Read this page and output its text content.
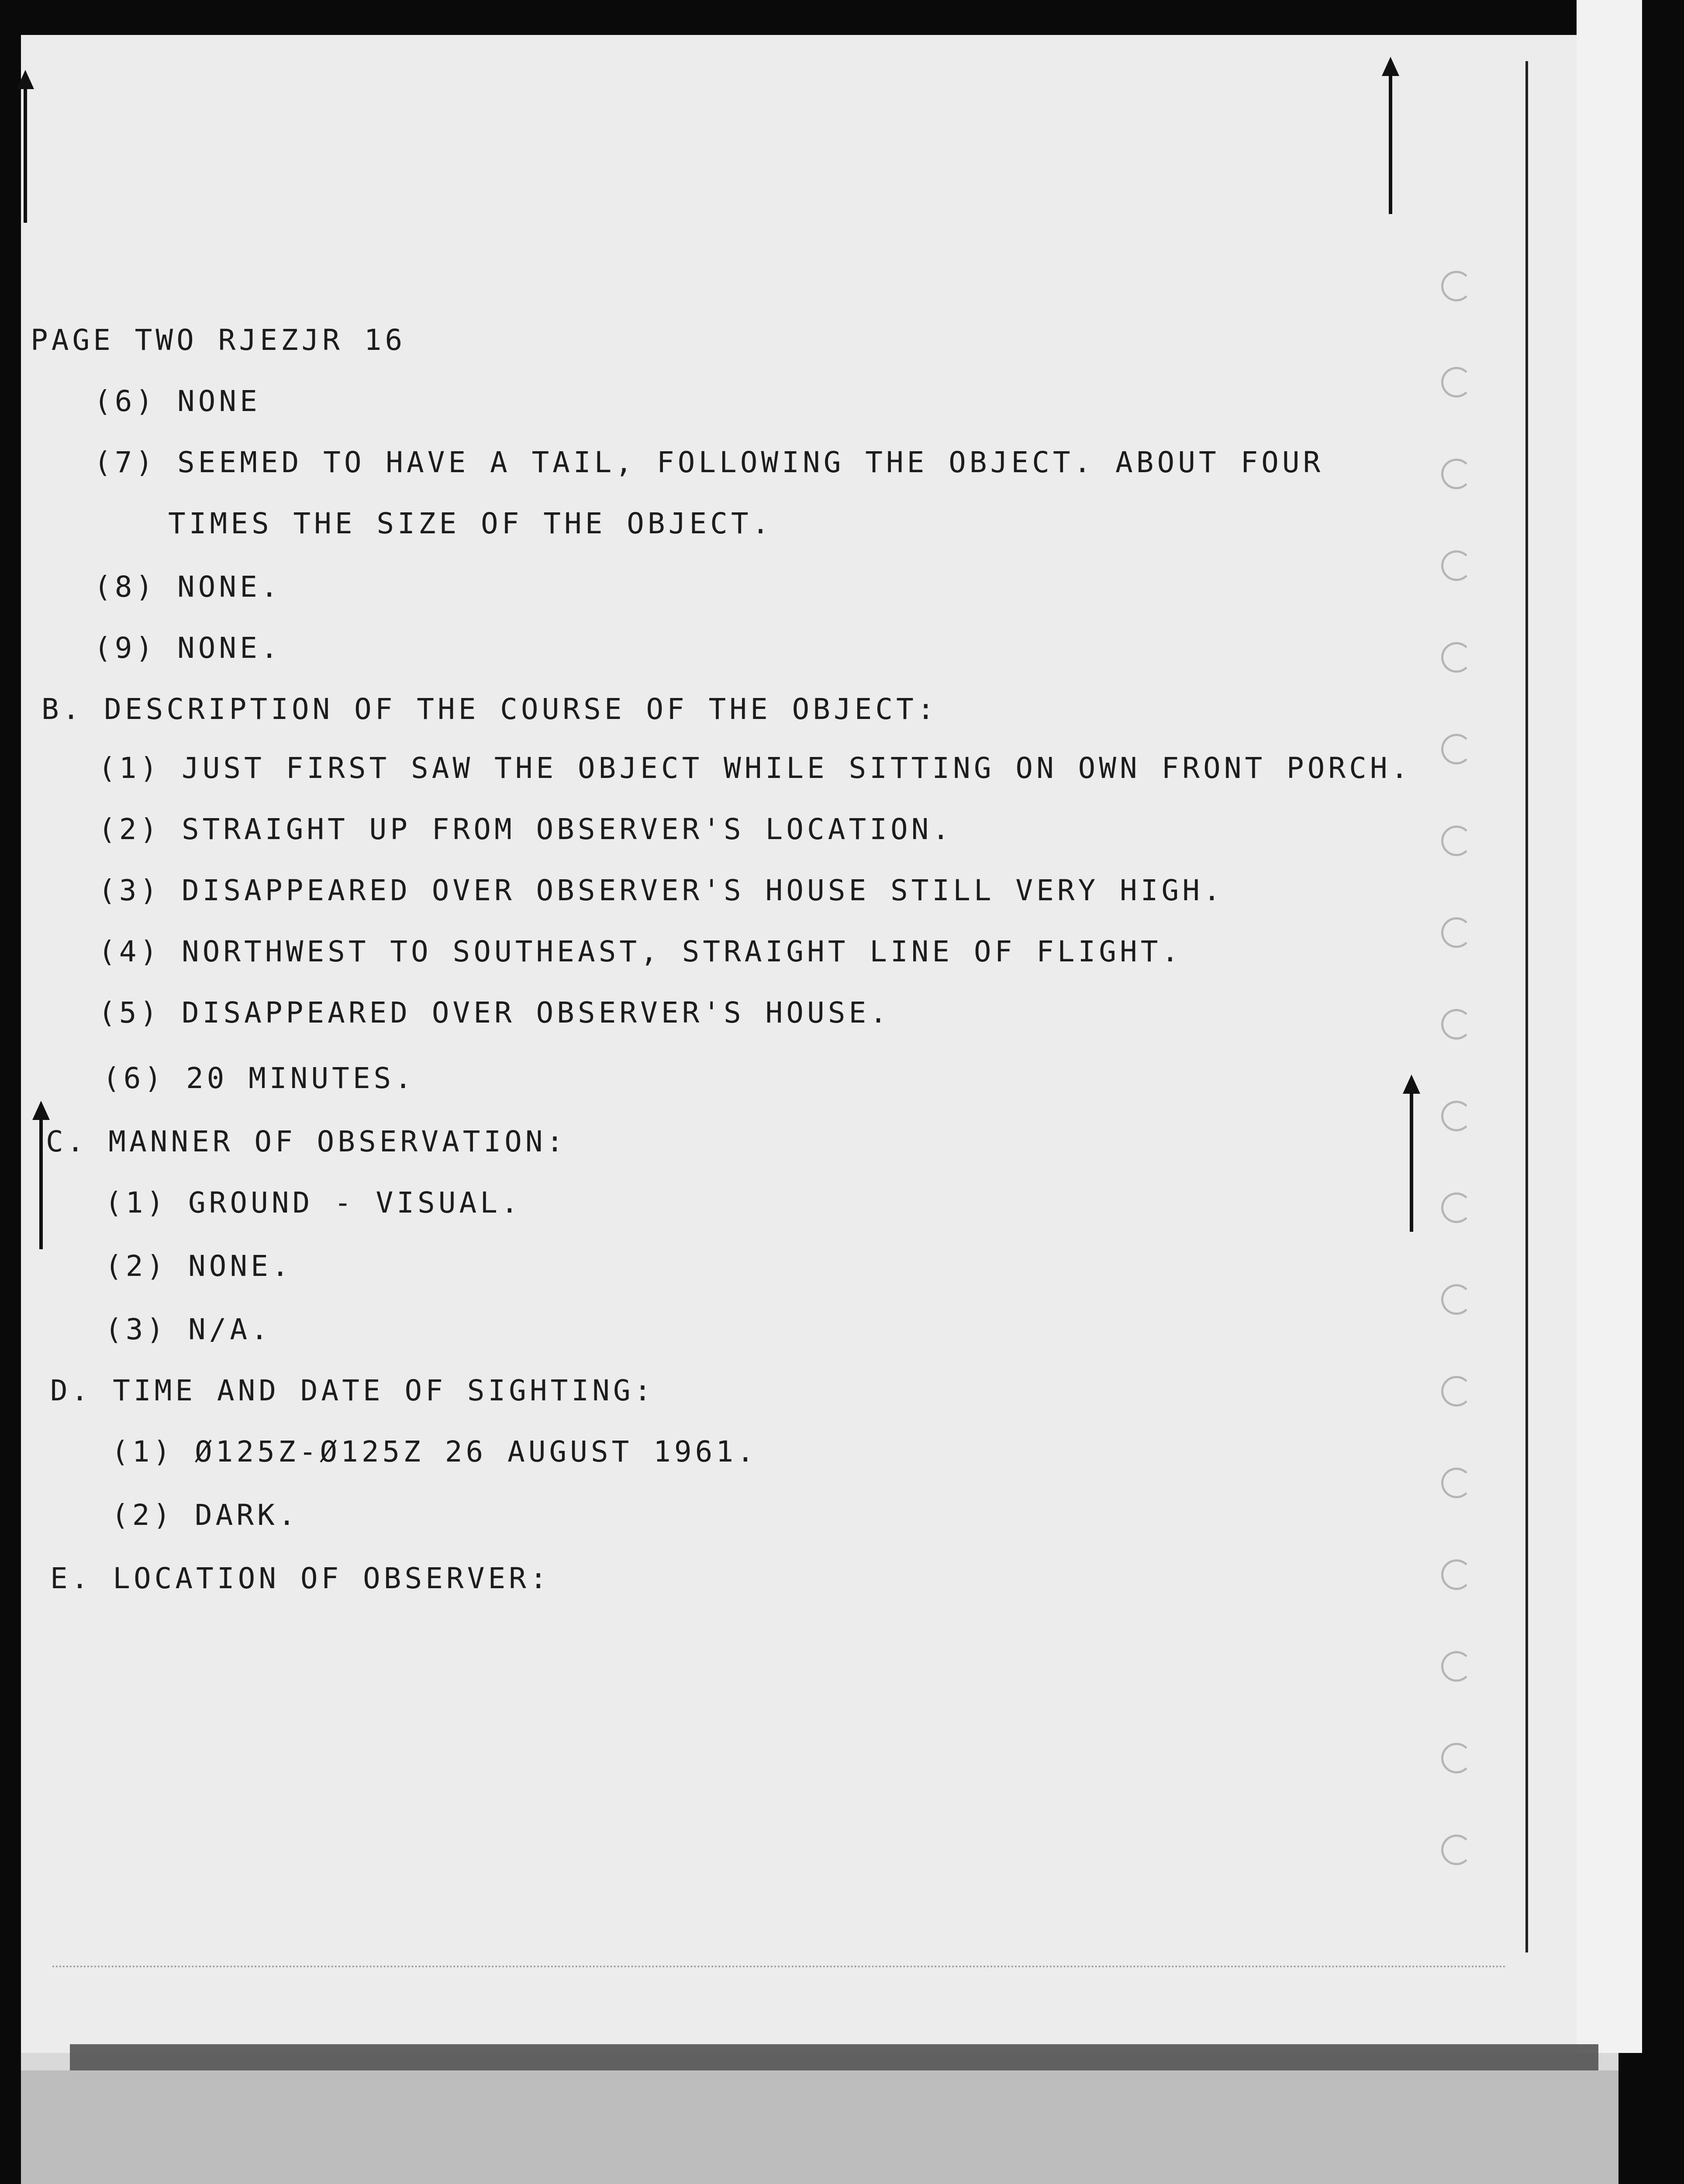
PAGE TWO RJEZJR 16
(6) NONE
(7) SEEMED TO HAVE A TAIL, FOLLOWING THE OBJECT. ABOUT FOUR
TIMES THE SIZE OF THE OBJECT.
(8) NONE.
(9) NONE.
B. DESCRIPTION OF THE COURSE OF THE OBJECT:
(1) JUST FIRST SAW THE OBJECT WHILE SITTING ON OWN FRONT PORCH.
(2) STRAIGHT UP FROM OBSERVER'S LOCATION.
(3) DISAPPEARED OVER OBSERVER'S HOUSE STILL VERY HIGH.
(4) NORTHWEST TO SOUTHEAST, STRAIGHT LINE OF FLIGHT.
(5) DISAPPEARED OVER OBSERVER'S HOUSE.
(6) 20 MINUTES.
C. MANNER OF OBSERVATION:
(1) GROUND - VISUAL.
(2) NONE.
(3) N/A.
D. TIME AND DATE OF SIGHTING:
(1) Ø125Z-Ø125Z 26 AUGUST 1961.
(2) DARK.
E. LOCATION OF OBSERVER:
